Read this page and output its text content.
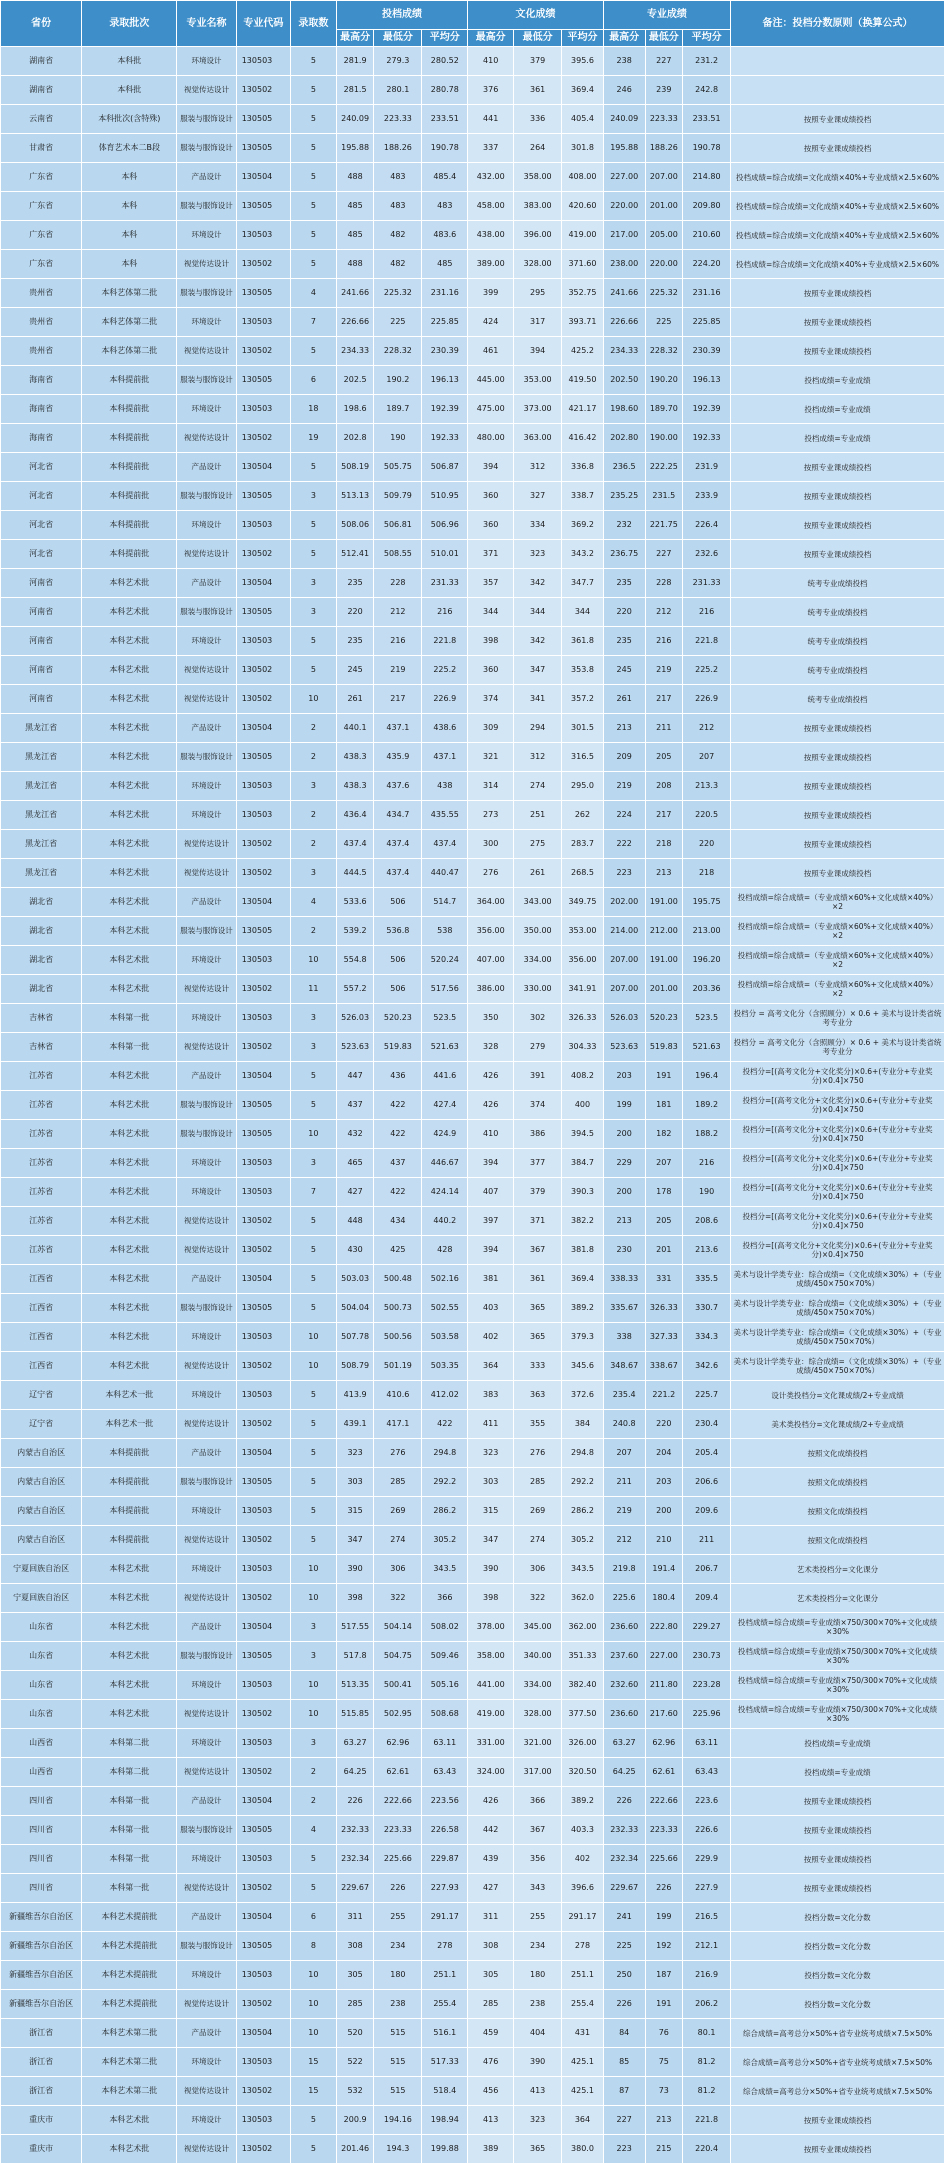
省份	录取批次	专业名称	专业代码	录取数	投档成绩			文化成绩			专业成绩			备注：投档分数原则（换算公式）
					最高分	最低分	平均分	最高分	最低分	平均分	最高分	最低分	平均分	
湖南省	本科批	环境设计	130503	5	281.9	279.3	280.52	410	379	395.6	238	227	231.2	
湖南省	本科批	视觉传达设计	130502	5	281.5	280.1	280.78	376	361	369.4	246	239	242.8	
云南省	本科批次(含特殊)	服装与服饰设计	130505	5	240.09	223.33	233.51	441	336	405.4	240.09	223.33	233.51	按照专业课成绩投档
甘肃省	体育艺术本二B段	服装与服饰设计	130505	5	195.88	188.26	190.78	337	264	301.8	195.88	188.26	190.78	按照专业课成绩投档
广东省	本科	产品设计	130504	5	488	483	485.4	432.00	358.00	408.00	227.00	207.00	214.80	投档成绩=综合成绩=文化成绩×40%+专业成绩×2.5×60%
广东省	本科	服装与服饰设计	130505	5	485	483	483	458.00	383.00	420.60	220.00	201.00	209.80	投档成绩=综合成绩=文化成绩×40%+专业成绩×2.5×60%
广东省	本科	环境设计	130503	5	485	482	483.6	438.00	396.00	419.00	217.00	205.00	210.60	投档成绩=综合成绩=文化成绩×40%+专业成绩×2.5×60%
广东省	本科	视觉传达设计	130502	5	488	482	485	389.00	328.00	371.60	238.00	220.00	224.20	投档成绩=综合成绩=文化成绩×40%+专业成绩×2.5×60%
贵州省	本科艺体第二批	服装与服饰设计	130505	4	241.66	225.32	231.16	399	295	352.75	241.66	225.32	231.16	按照专业课成绩投档
贵州省	本科艺体第二批	环境设计	130503	7	226.66	225	225.85	424	317	393.71	226.66	225	225.85	按照专业课成绩投档
贵州省	本科艺体第二批	视觉传达设计	130502	5	234.33	228.32	230.39	461	394	425.2	234.33	228.32	230.39	按照专业课成绩投档
海南省	本科提前批	服装与服饰设计	130505	6	202.5	190.2	196.13	445.00	353.00	419.50	202.50	190.20	196.13	投档成绩=专业成绩
海南省	本科提前批	环境设计	130503	18	198.6	189.7	192.39	475.00	373.00	421.17	198.60	189.70	192.39	投档成绩=专业成绩
海南省	本科提前批	视觉传达设计	130502	19	202.8	190	192.33	480.00	363.00	416.42	202.80	190.00	192.33	投档成绩=专业成绩
河北省	本科提前批	产品设计	130504	5	508.19	505.75	506.87	394	312	336.8	236.5	222.25	231.9	按照专业课成绩投档
河北省	本科提前批	服装与服饰设计	130505	3	513.13	509.79	510.95	360	327	338.7	235.25	231.5	233.9	按照专业课成绩投档
河北省	本科提前批	环境设计	130503	5	508.06	506.81	506.96	360	334	369.2	232	221.75	226.4	按照专业课成绩投档
河北省	本科提前批	视觉传达设计	130502	5	512.41	508.55	510.01	371	323	343.2	236.75	227	232.6	按照专业课成绩投档
河南省	本科艺术批	产品设计	130504	3	235	228	231.33	357	342	347.7	235	228	231.33	统考专业成绩投档
河南省	本科艺术批	服装与服饰设计	130505	3	220	212	216	344	344	344	220	212	216	统考专业成绩投档
河南省	本科艺术批	环境设计	130503	5	235	216	221.8	398	342	361.8	235	216	221.8	统考专业成绩投档
河南省	本科艺术批	视觉传达设计	130502	5	245	219	225.2	360	347	353.8	245	219	225.2	统考专业成绩投档
河南省	本科艺术批	视觉传达设计	130502	10	261	217	226.9	374	341	357.2	261	217	226.9	统考专业成绩投档
黑龙江省	本科艺术批	产品设计	130504	2	440.1	437.1	438.6	309	294	301.5	213	211	212	按照专业课成绩投档
黑龙江省	本科艺术批	服装与服饰设计	130505	2	438.3	435.9	437.1	321	312	316.5	209	205	207	按照专业课成绩投档
黑龙江省	本科艺术批	环境设计	130503	3	438.3	437.6	438	314	274	295.0	219	208	213.3	按照专业课成绩投档
黑龙江省	本科艺术批	环境设计	130503	2	436.4	434.7	435.55	273	251	262	224	217	220.5	按照专业课成绩投档
黑龙江省	本科艺术批	视觉传达设计	130502	2	437.4	437.4	437.4	300	275	283.7	222	218	220	按照专业课成绩投档
黑龙江省	本科艺术批	视觉传达设计	130502	3	444.5	437.4	440.47	276	261	268.5	223	213	218	按照专业课成绩投档
湖北省	本科艺术批	产品设计	130504	4	533.6	506	514.7	364.00	343.00	349.75	202.00	191.00	195.75	投档成绩=综合成绩=（专业成绩×60%+文化成绩×40%）×2
湖北省	本科艺术批	服装与服饰设计	130505	2	539.2	536.8	538	356.00	350.00	353.00	214.00	212.00	213.00	投档成绩=综合成绩=（专业成绩×60%+文化成绩×40%）×2
湖北省	本科艺术批	环境设计	130503	10	554.8	506	520.24	407.00	334.00	356.00	207.00	191.00	196.20	投档成绩=综合成绩=（专业成绩×60%+文化成绩×40%）×2
湖北省	本科艺术批	视觉传达设计	130502	11	557.2	506	517.56	386.00	330.00	341.91	207.00	201.00	203.36	投档成绩=综合成绩=（专业成绩×60%+文化成绩×40%）×2
吉林省	本科第一批	环境设计	130503	3	526.03	520.23	523.5	350	302	326.33	526.03	520.23	523.5	投档分 = 高考文化分（含照顾分）× 0.6 + 美术与设计类省统考专业分
吉林省	本科第一批	视觉传达设计	130502	3	523.63	519.83	521.63	328	279	304.33	523.63	519.83	521.63	投档分 = 高考文化分（含照顾分）× 0.6 + 美术与设计类省统考专业分
江苏省	本科艺术批	产品设计	130504	5	447	436	441.6	426	391	408.2	203	191	196.4	投档分=[(高考文化分+文化奖分)×0.6+(专业分+专业奖分)×0.4]×750
江苏省	本科艺术批	服装与服饰设计	130505	5	437	422	427.4	426	374	400	199	181	189.2	投档分=[(高考文化分+文化奖分)×0.6+(专业分+专业奖分)×0.4]×750
江苏省	本科艺术批	服装与服饰设计	130505	10	432	422	424.9	410	386	394.5	200	182	188.2	投档分=[(高考文化分+文化奖分)×0.6+(专业分+专业奖分)×0.4]×750
江苏省	本科艺术批	环境设计	130503	3	465	437	446.67	394	377	384.7	229	207	216	投档分=[(高考文化分+文化奖分)×0.6+(专业分+专业奖分)×0.4]×750
江苏省	本科艺术批	环境设计	130503	7	427	422	424.14	407	379	390.3	200	178	190	投档分=[(高考文化分+文化奖分)×0.6+(专业分+专业奖分)×0.4]×750
江苏省	本科艺术批	视觉传达设计	130502	5	448	434	440.2	397	371	382.2	213	205	208.6	投档分=[(高考文化分+文化奖分)×0.6+(专业分+专业奖分)×0.4]×750
江苏省	本科艺术批	视觉传达设计	130502	5	430	425	428	394	367	381.8	230	201	213.6	投档分=[(高考文化分+文化奖分)×0.6+(专业分+专业奖分)×0.4]×750
江西省	本科艺术批	产品设计	130504	5	503.03	500.48	502.16	381	361	369.4	338.33	331	335.5	美术与设计学类专业：综合成绩=（文化成绩×30%）+（专业成绩/450×750×70%）
江西省	本科艺术批	服装与服饰设计	130505	5	504.04	500.73	502.55	403	365	389.2	335.67	326.33	330.7	美术与设计学类专业：综合成绩=（文化成绩×30%）+（专业成绩/450×750×70%）
江西省	本科艺术批	环境设计	130503	10	507.78	500.56	503.58	402	365	379.3	338	327.33	334.3	美术与设计学类专业：综合成绩=（文化成绩×30%）+（专业成绩/450×750×70%）
江西省	本科艺术批	视觉传达设计	130502	10	508.79	501.19	503.35	364	333	345.6	348.67	338.67	342.6	美术与设计学类专业：综合成绩=（文化成绩×30%）+（专业成绩/450×750×70%）
辽宁省	本科艺术一批	环境设计	130503	5	413.9	410.6	412.02	383	363	372.6	235.4	221.2	225.7	设计类投档分=文化课成绩/2+专业成绩
辽宁省	本科艺术一批	视觉传达设计	130502	5	439.1	417.1	422	411	355	384	240.8	220	230.4	美术类投档分=文化课成绩/2+专业成绩
内蒙古自治区	本科提前批	产品设计	130504	5	323	276	294.8	323	276	294.8	207	204	205.4	按照文化成绩投档
内蒙古自治区	本科提前批	服装与服饰设计	130505	5	303	285	292.2	303	285	292.2	211	203	206.6	按照文化成绩投档
内蒙古自治区	本科提前批	环境设计	130503	5	315	269	286.2	315	269	286.2	219	200	209.6	按照文化成绩投档
内蒙古自治区	本科提前批	视觉传达设计	130502	5	347	274	305.2	347	274	305.2	212	210	211	按照文化成绩投档
宁夏回族自治区	本科艺术批	环境设计	130503	10	390	306	343.5	390	306	343.5	219.8	191.4	206.7	艺术类投档分=文化课分
宁夏回族自治区	本科艺术批	视觉传达设计	130502	10	398	322	366	398	322	362.0	225.6	180.4	209.4	艺术类投档分=文化课分
山东省	本科艺术批	产品设计	130504	3	517.55	504.14	508.02	378.00	345.00	362.00	236.60	222.80	229.27	投档成绩=综合成绩=专业成绩×750/300×70%+文化成绩×30%
山东省	本科艺术批	服装与服饰设计	130505	3	517.8	504.75	509.46	358.00	340.00	351.33	237.60	227.00	230.73	投档成绩=综合成绩=专业成绩×750/300×70%+文化成绩×30%
山东省	本科艺术批	环境设计	130503	10	513.35	500.41	505.16	441.00	334.00	382.40	232.60	211.80	223.28	投档成绩=综合成绩=专业成绩×750/300×70%+文化成绩×30%
山东省	本科艺术批	视觉传达设计	130502	10	515.85	502.95	508.68	419.00	328.00	377.50	236.60	217.60	225.96	投档成绩=综合成绩=专业成绩×750/300×70%+文化成绩×30%
山西省	本科第二批	环境设计	130503	3	63.27	62.96	63.11	331.00	321.00	326.00	63.27	62.96	63.11	投档成绩=专业成绩
山西省	本科第二批	视觉传达设计	130502	2	64.25	62.61	63.43	324.00	317.00	320.50	64.25	62.61	63.43	投档成绩=专业成绩
四川省	本科第一批	产品设计	130504	2	226	222.66	223.56	426	366	389.2	226	222.66	223.6	按照专业课成绩投档
四川省	本科第一批	服装与服饰设计	130505	4	232.33	223.33	226.58	442	367	403.3	232.33	223.33	226.6	按照专业课成绩投档
四川省	本科第一批	环境设计	130503	5	232.34	225.66	229.87	439	356	402	232.34	225.66	229.9	按照专业课成绩投档
四川省	本科第一批	视觉传达设计	130502	5	229.67	226	227.93	427	343	396.6	229.67	226	227.9	按照专业课成绩投档
新疆维吾尔自治区	本科艺术提前批	产品设计	130504	6	311	255	291.17	311	255	291.17	241	199	216.5	投档分数=文化分数
新疆维吾尔自治区	本科艺术提前批	服装与服饰设计	130505	8	308	234	278	308	234	278	225	192	212.1	投档分数=文化分数
新疆维吾尔自治区	本科艺术提前批	环境设计	130503	10	305	180	251.1	305	180	251.1	250	187	216.9	投档分数=文化分数
新疆维吾尔自治区	本科艺术提前批	视觉传达设计	130502	10	285	238	255.4	285	238	255.4	226	191	206.2	投档分数=文化分数
浙江省	本科艺术第二批	产品设计	130504	10	520	515	516.1	459	404	431	84	76	80.1	综合成绩=高考总分×50%+省专业统考成绩×7.5×50%
浙江省	本科艺术第二批	环境设计	130503	15	522	515	517.33	476	390	425.1	85	75	81.2	综合成绩=高考总分×50%+省专业统考成绩×7.5×50%
浙江省	本科艺术第二批	视觉传达设计	130502	15	532	515	518.4	456	413	425.1	87	73	81.2	综合成绩=高考总分×50%+省专业统考成绩×7.5×50%
重庆市	本科艺术批	环境设计	130503	5	200.9	194.16	198.94	413	323	364	227	213	221.8	按照专业课成绩投档
重庆市	本科艺术批	视觉传达设计	130502	5	201.46	194.3	199.88	389	365	380.0	223	215	220.4	按照专业课成绩投档
